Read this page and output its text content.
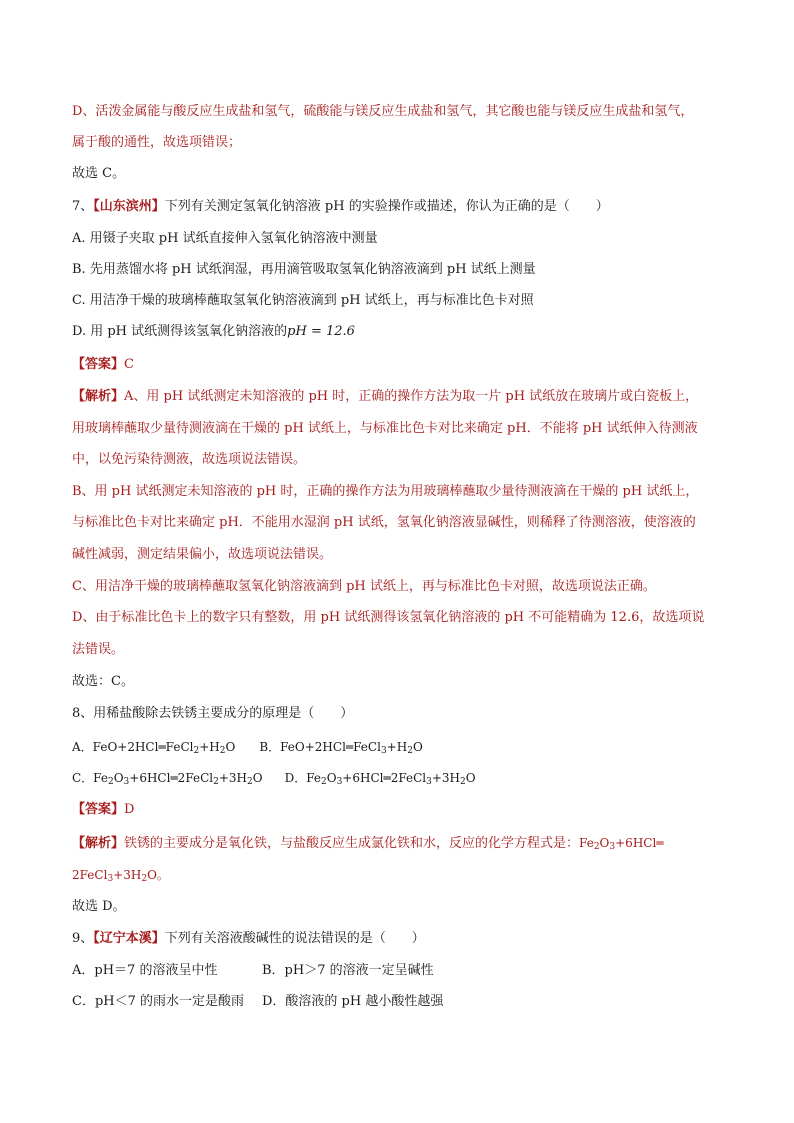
D、活泼金属能与酸反应生成盐和氢气，硫酸能与镁反应生成盐和氢气，其它酸也能与镁反应生成盐和氢气，
属于酸的通性，故选项错误；
故选 C。
7、【山东滨州】下列有关测定氢氧化钠溶液 pH 的实验操作或描述，你认为正确的是（　　）
A. 用镊子夹取 pH 试纸直接伸入氢氧化钠溶液中测量
B. 先用蒸馏水将 pH 试纸润湿，再用滴管吸取氢氧化钠溶液滴到 pH 试纸上测量
C. 用洁净干燥的玻璃棒蘸取氢氧化钠溶液滴到 pH 试纸上，再与标准比色卡对照
D. 用 pH 试纸测得该氢氧化钠溶液的pH = 12.6
【答案】C
【解析】A、用 pH 试纸测定未知溶液的 pH 时，正确的操作方法为取一片 pH 试纸放在玻璃片或白瓷板上，
用玻璃棒蘸取少量待测液滴在干燥的 pH 试纸上，与标准比色卡对比来确定 pH．不能将 pH 试纸伸入待测液
中，以免污染待测液，故选项说法错误。
B、用 pH 试纸测定未知溶液的 pH 时，正确的操作方法为用玻璃棒蘸取少量待测液滴在干燥的 pH 试纸上，
与标准比色卡对比来确定 pH．不能用水湿润 pH 试纸，氢氧化钠溶液显碱性，则稀释了待测溶液，使溶液的
碱性减弱，测定结果偏小，故选项说法错误。
C、用洁净干燥的玻璃棒蘸取氢氧化钠溶液滴到 pH 试纸上，再与标准比色卡对照，故选项说法正确。
D、由于标准比色卡上的数字只有整数，用 pH 试纸测得该氢氧化钠溶液的 pH 不可能精确为 12.6，故选项说
法错误。
故选：C。
8、用稀盐酸除去铁锈主要成分的原理是（　　）
A．$FeO+2HCl═FeCl_2+H_2O$ B．$FeO+2HCl═FeCl_3+H_2O$
C．$Fe_2O_3+6HCl═2FeCl_2+3H_2O$ D．$Fe_2O_3+6HCl═2FeCl_3+3H_2O$
【答案】D
【解析】铁锈的主要成分是氧化铁，与盐酸反应生成氯化铁和水，反应的化学方程式是：$Fe_2O_3+6HCl═$
$2FeCl_3+3H_2O$。
故选 D。
9、【辽宁本溪】下列有关溶液酸碱性的说法错误的是（　　）
A．pH＝7 的溶液呈中性	B．pH＞7 的溶液一定呈碱性
C．pH＜7 的雨水一定是酸雨 D．酸溶液的 pH 越小酸性越强
